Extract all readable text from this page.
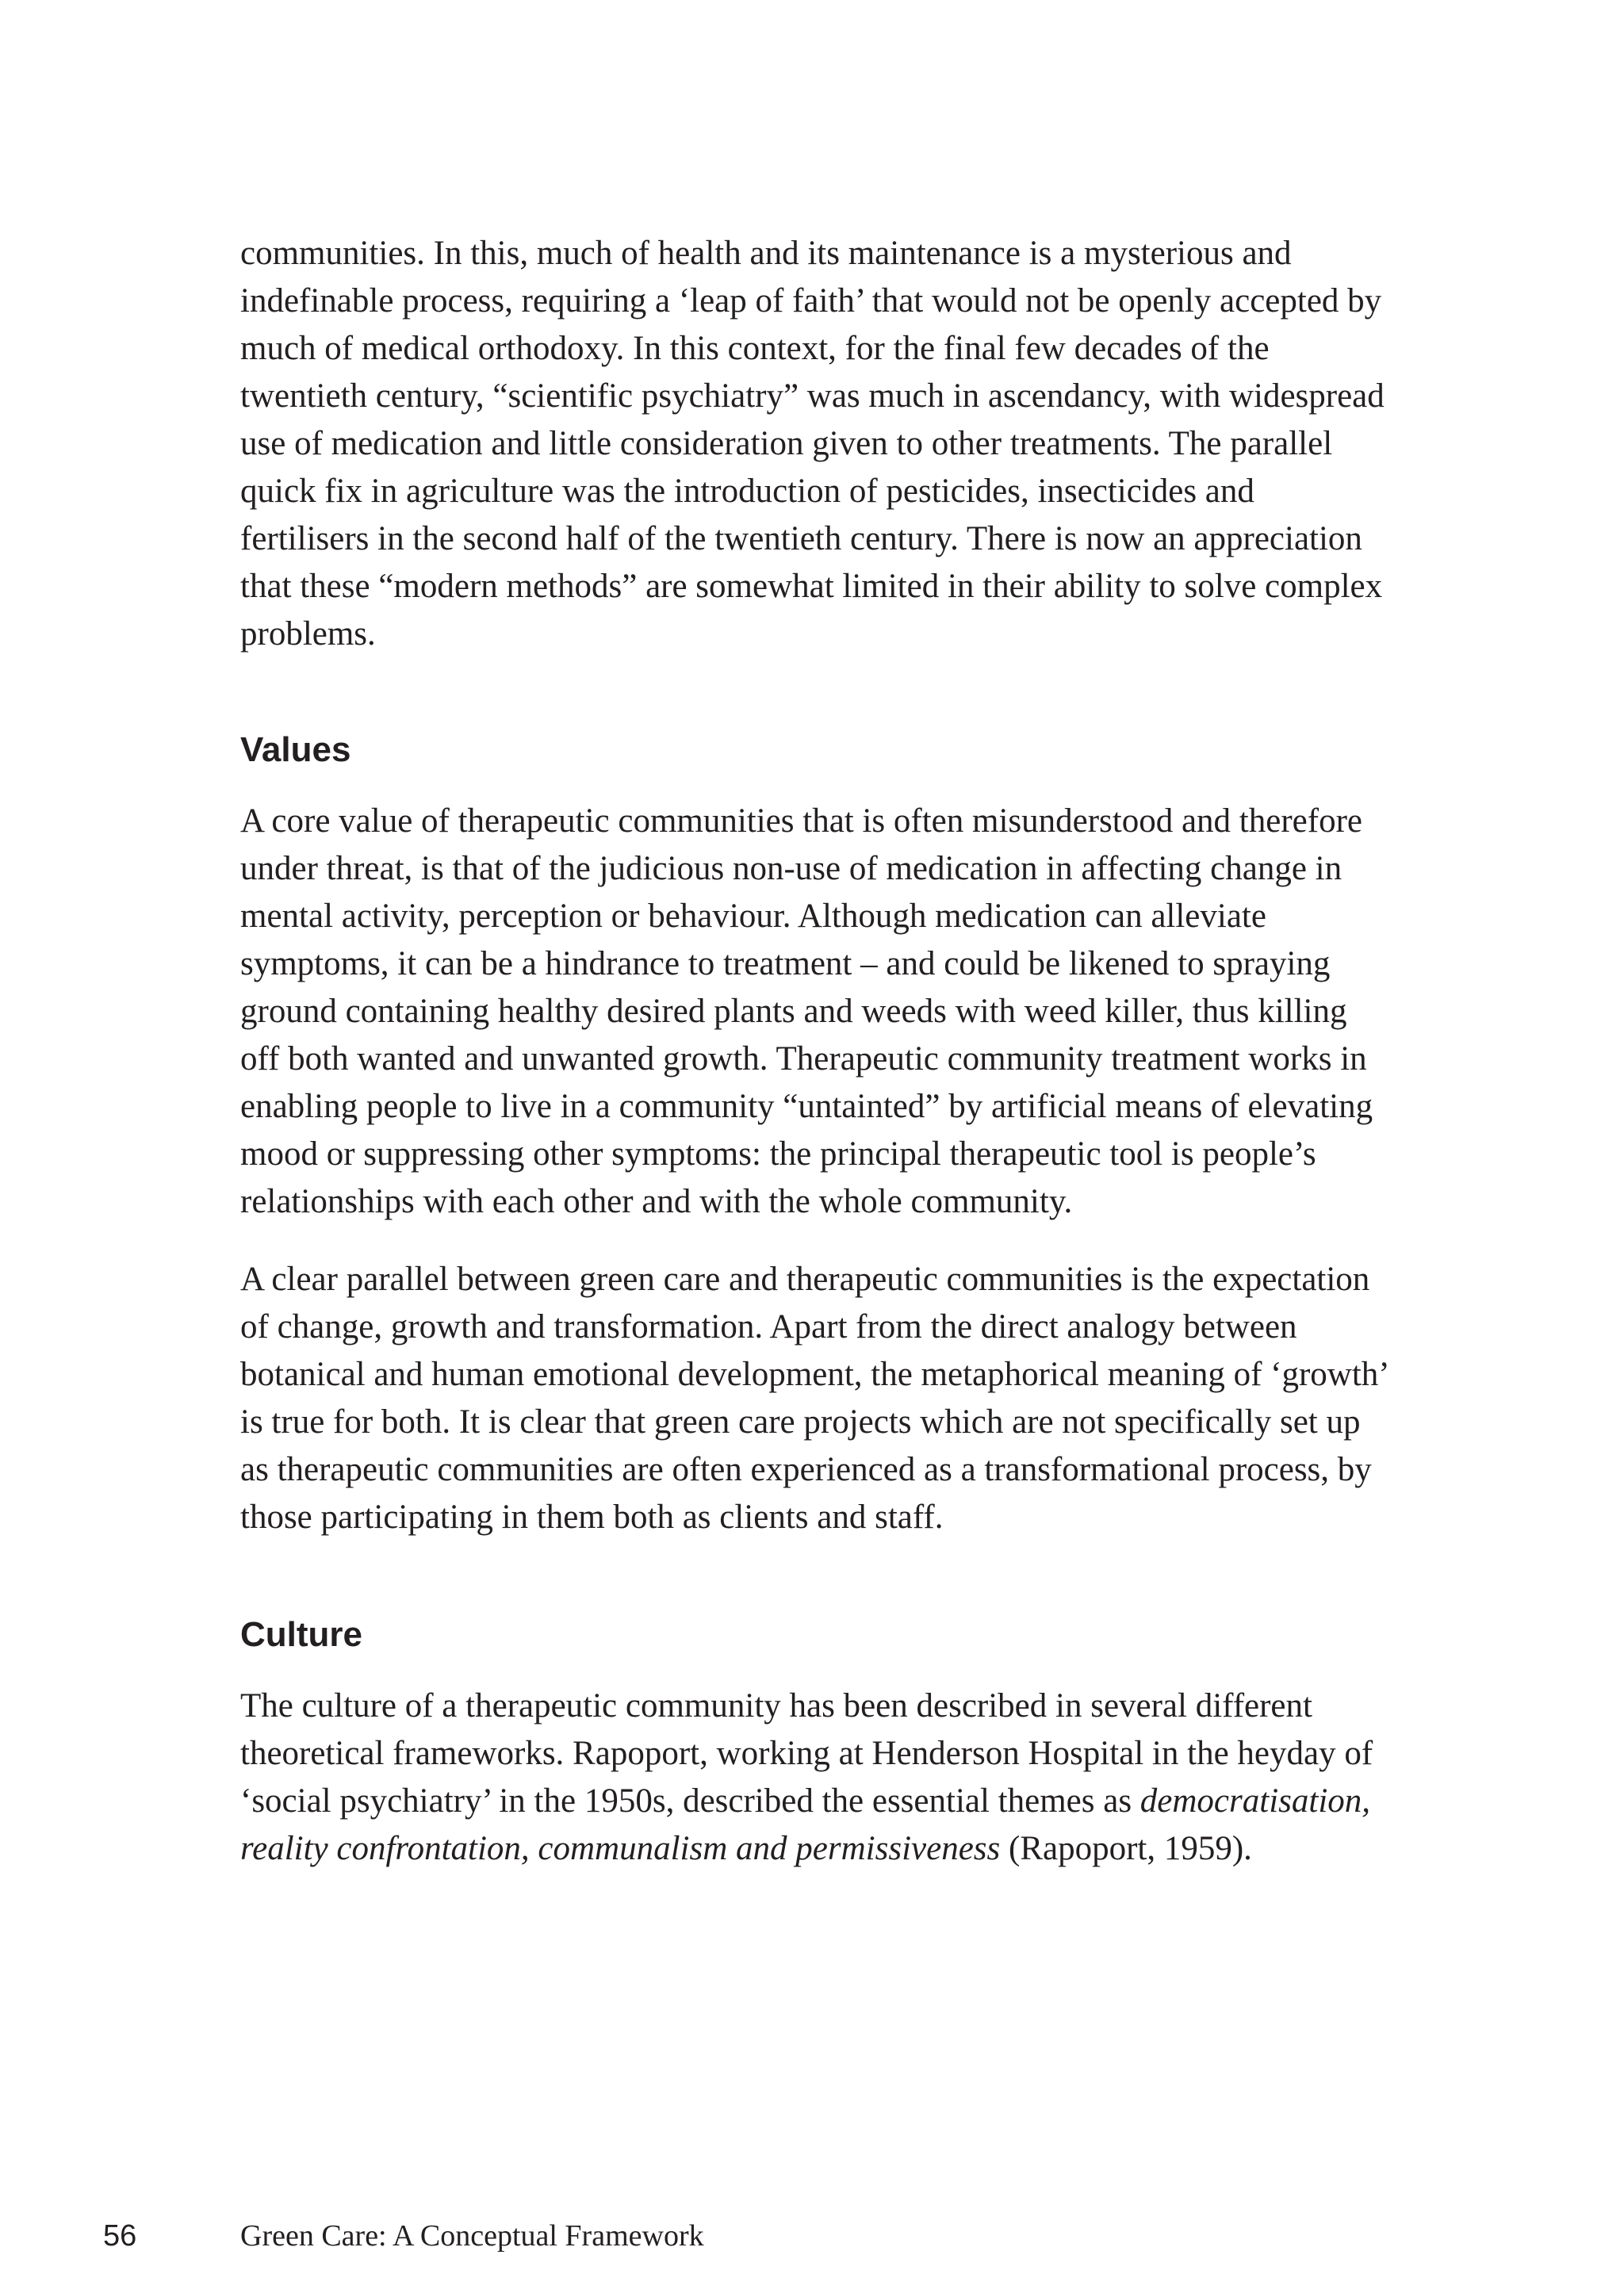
communities. In this, much of health and its maintenance is a mysterious and indefinable process, requiring a ‘leap of faith’ that would not be openly accepted by much of medical orthodoxy. In this context, for the final few decades of the twentieth century, “scientific psychiatry” was much in ascendancy, with widespread use of medication and little consideration given to other treatments. The parallel quick fix in agriculture was the introduction of pesticides, insecticides and fertilisers in the second half of the twentieth century. There is now an appreciation that these “modern methods” are somewhat limited in their ability to solve complex problems.

Values

A core value of therapeutic communities that is often misunderstood and therefore under threat, is that of the judicious non-use of medication in affecting change in mental activity, perception or behaviour. Although medication can alleviate symptoms, it can be a hindrance to treatment – and could be likened to spraying ground containing healthy desired plants and weeds with weed killer, thus killing off both wanted and unwanted growth. Therapeutic community treatment works in enabling people to live in a community “untainted” by artificial means of elevating mood or suppressing other symptoms: the principal therapeutic tool is people’s relationships with each other and with the whole community.

A clear parallel between green care and therapeutic communities is the expectation of change, growth and transformation. Apart from the direct analogy between botanical and human emotional development, the metaphorical meaning of ‘growth’ is true for both. It is clear that green care projects which are not specifically set up as therapeutic communities are often experienced as a transformational process, by those participating in them both as clients and staff.

Culture

The culture of a therapeutic community has been described in several different theoretical frameworks. Rapoport, working at Henderson Hospital in the heyday of ‘social psychiatry’ in the 1950s, described the essential themes as democratisation, reality confrontation, communalism and permissiveness (Rapoport, 1959).

56	Green Care: A Conceptual Framework
